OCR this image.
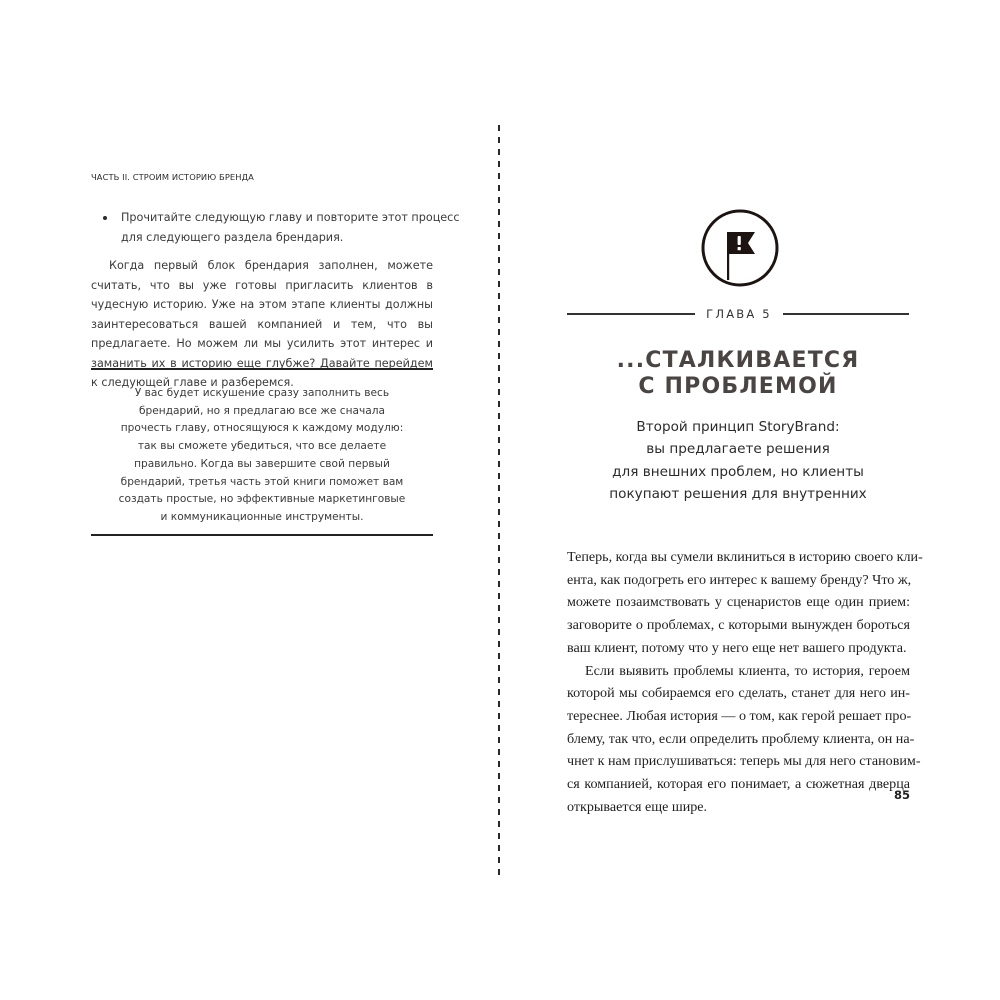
ЧАСТЬ II. СТРОИМ ИСТОРИЮ БРЕНДА

Прочитайте следующую главу и повторите этот процесс
для следующего раздела брендария.

Когда первый блок брендария заполнен, можете считать, что вы уже готовы пригласить клиентов в чудесную историю. Уже на этом этапе клиенты должны заинтересоваться вашей компанией и тем, что вы предлагаете. Но можем ли мы усилить этот интерес и заманить их в историю еще глубже? Давайте перейдем к следующей главе и разберемся.

У вас будет искушение сразу заполнить весь
брендарий, но я предлагаю все же сначала
прочесть главу, относящуюся к каждому модулю:
так вы сможете убедиться, что все делаете
правильно. Когда вы завершите свой первый
брендарий, третья часть этой книги поможет вам
создать простые, но эффективные маркетинговые
и коммуникационные инструменты.
ГЛАВА 5
...СТАЛКИВАЕТСЯ
С ПРОБЛЕМОЙ

Второй принцип StoryBrand:
вы предлагаете решения
для внешних проблем, но клиенты
покупают решения для внутренних

Теперь, когда вы сумели вклиниться в историю своего кли-
ента, как подогреть его интерес к вашему бренду? Что ж,
можете позаимствовать у сценаристов еще один прием:
заговорите о проблемах, с которыми вынужден бороться
ваш клиент, потому что у него еще нет вашего продукта.
Если выявить проблемы клиента, то история, героем
которой мы собираемся его сделать, станет для него ин-
тереснее. Любая история — о том, как герой решает про-
блему, так что, если определить проблему клиента, он на-
чнет к нам прислушиваться: теперь мы для него становим-
ся компанией, которая его понимает, а сюжетная дверца
открывается еще шире.
85
